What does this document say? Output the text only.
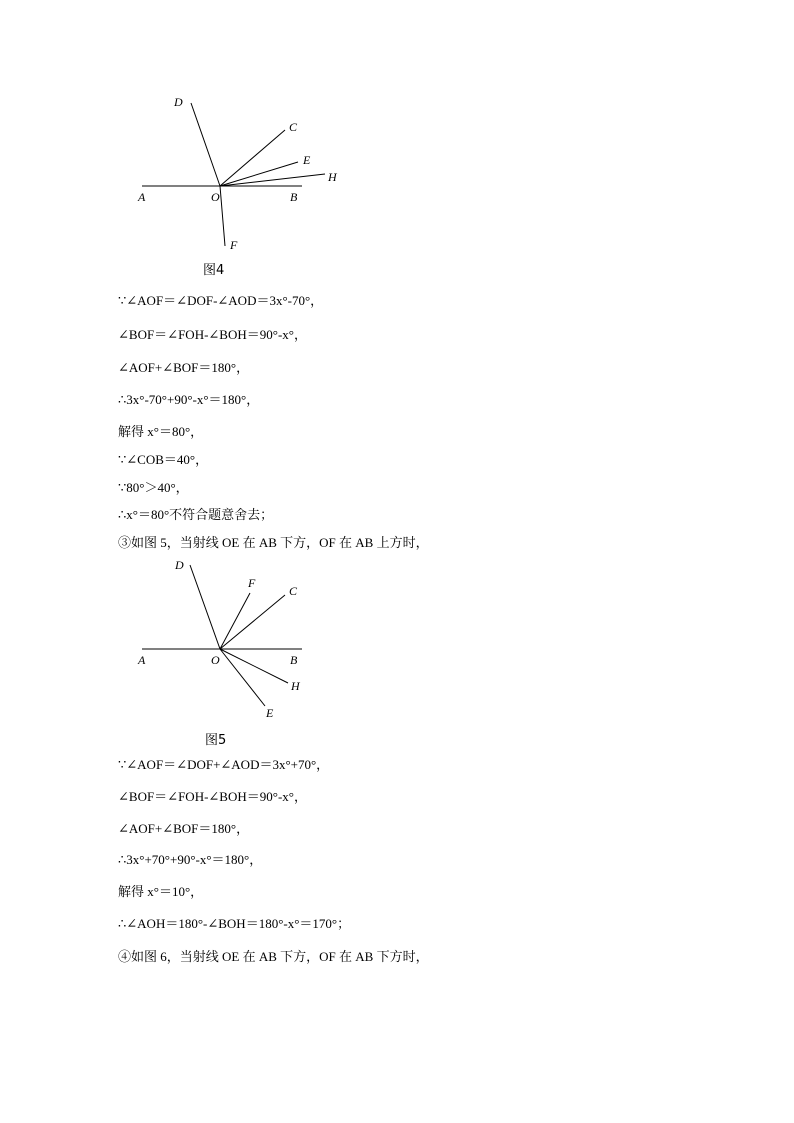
D
C
E
H
A	O	B
F
图4
∵∠AOF＝∠DOF-∠AOD＝3x°-70°，
∠BOF＝∠FOH-∠BOH＝90°-x°，
∠AOF+∠BOF＝180°，
∴3x°-70°+90°-x°＝180°，
解得 x°＝80°，
∵∠COB＝40°，
∵80°＞40°，
∴x°＝80°不符合题意舍去；
③如图 5，当射线 OE 在 AB 下方，OF 在 AB 上方时，
D
F
C
A	O	B
H
E
图5
∵∠AOF＝∠DOF+∠AOD＝3x°+70°，
∠BOF＝∠FOH-∠BOH＝90°-x°，
∠AOF+∠BOF＝180°，
∴3x°+70°+90°-x°＝180°，
解得 x°＝10°，
∴∠AOH＝180°-∠BOH＝180°-x°＝170°；
④如图 6，当射线 OE 在 AB 下方，OF 在 AB 下方时，
